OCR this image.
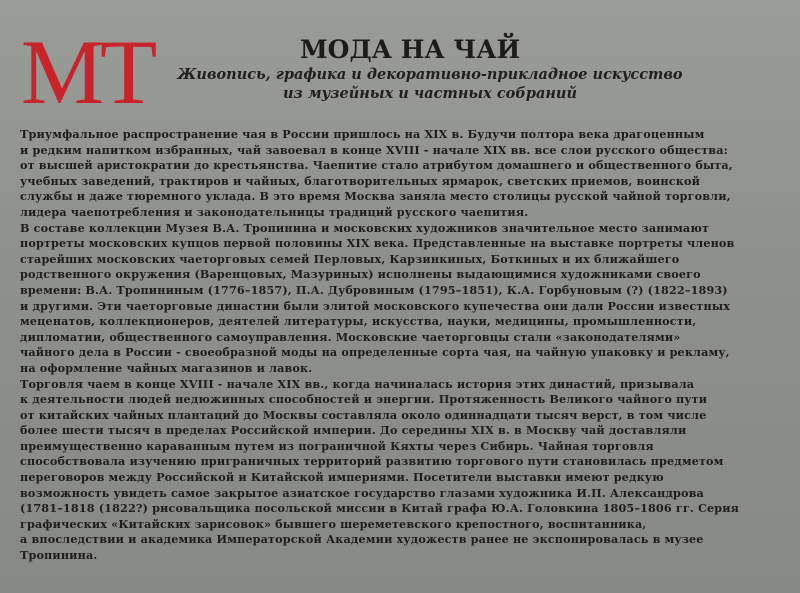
МТ	МОДА НА ЧАЙ
Живопись, графика и декоративно-прикладное искусство
из музейных и частных собраний
Триумфальное распространение чая в России пришлось на XIX в. Будучи полтора века драгоценным
и редким напитком избранных, чай завоевал в конце XVIII - начале XIX вв. все слои русского общества:
от высшей аристократии до крестьянства. Чаепитие стало атрибутом домашнего и общественного быта,
учебных заведений, трактиров и чайных, благотворительных ярмарок, светских приемов, воинской
службы и даже тюремного уклада. В это время Москва заняла место столицы русской чайной торговли,
лидера чаепотребления и законодательницы традиций русского чаепития.
В составе коллекции Музея В.А. Тропинина и московских художников значительное место занимают
портреты московских купцов первой половины XIX века. Представленные на выставке портреты членов
старейших московских чаеторговых семей Перловых, Карзинкиных, Боткиных и их ближайшего
родственного окружения (Варенцовых, Мазуриных) исполнены выдающимися художниками своего
времени: В.А. Тропининым (1776–1857), П.А. Дубровиным (1795–1851), К.А. Горбуновым (?) (1822–1893)
и другими. Эти чаеторговые династии были элитой московского купечества они дали России известных
меценатов, коллекционеров, деятелей литературы, искусства, науки, медицины, промышленности,
дипломатии, общественного самоуправления. Московские чаеторговцы стали «законодателями»
чайного дела в России - своеобразной моды на определенные сорта чая, на чайную упаковку и рекламу,
на оформление чайных магазинов и лавок.
Торговля чаем в конце XVIII - начале XIX вв., когда начиналась история этих династий, призывала
к деятельности людей недюжинных способностей и энергии. Протяженность Великого чайного пути
от китайских чайных плантаций до Москвы составляла около одиннадцати тысяч верст, в том числе
более шести тысяч в пределах Российской империи. До середины XIX в. в Москву чай доставляли
преимущественно караванным путем из пограничной Кяхты через Сибирь. Чайная торговля
способствовала изучению приграничных территорий развитию торгового пути становилась предметом
переговоров между Российской и Китайской империями. Посетители выставки имеют редкую
возможность увидеть самое закрытое азиатское государство глазами художника И.П. Александрова
(1781–1818 (1822?) рисовальщика посольской миссии в Китай графа Ю.А. Головкина 1805–1806 гг. Серия
графических «Китайских зарисовок» бывшего шереметевского крепостного, воспитанника,
а впоследствии и академика Императорской Академии художеств ранее не экспонировалась в музее
Тропинина.
